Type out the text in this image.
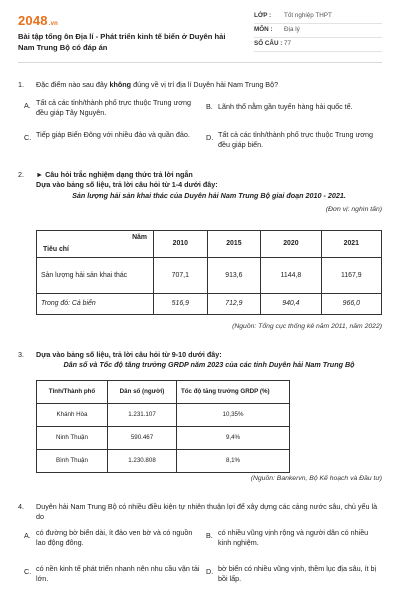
2048.vn
Bài tập tổng ôn Địa lí - Phát triển kinh tế biển ở Duyên hải Nam Trung Bộ có đáp án
LỚP :	Tốt nghiệp THPT
MÔN :	Địa lý
SỐ CÂU : 77
1. Đặc điểm nào sau đây không đúng về vị trí địa lí Duyên hải Nam Trung Bộ?
A. Tất cả các tỉnh/thành phố trực thuộc Trung ương đều giáp Tây Nguyên.
B. Lãnh thổ nằm gần tuyến hàng hải quốc tế.
C. Tiếp giáp Biển Đông với nhiều đảo và quần đảo.	D. Tất cả các tỉnh/thành phố trực thuộc Trung ương đều giáp biển.
2. ► Câu hỏi trắc nghiệm dạng thức trả lời ngắn
Dựa vào bảng số liệu, trả lời câu hỏi từ 1-4 dưới đây:
Sản lượng hải sản khai thác của Duyên hải Nam Trung Bộ giai đoạn 2010 - 2021.
(Đơn vị: nghìn tấn)
Năm
Tiêu chí	2010	2015	2020	2021
Sản lượng hải sản khai thác	707,1	913,6	1144,8	1167,9
Trong đó: Cá biển	516,9	712,9	940,4	966,0
(Nguồn: Tổng cục thống kê năm 2011, năm 2022)
3. Dựa vào bảng số liệu, trả lời câu hỏi từ 9-10 dưới đây:
Dân số và Tốc độ tăng trưởng GRDP năm 2023 của các tỉnh Duyên hải Nam Trung Bộ
Tỉnh/Thành phố	Dân số (người)	Tốc độ tăng trưởng GRDP (%)
Khánh Hòa	1.231.107	10,35%
Ninh Thuận	590.467	9,4%
Bình Thuận	1.230.808	8,1%
(Nguồn: Bankervn, Bộ Kế hoạch và Đầu tư)
4. Duyên hải Nam Trung Bộ có nhiều điều kiện tự nhiên thuận lợi để xây dựng các cảng nước sâu, chủ yếu là do
A. có đường bờ biển dài, ít đảo ven bờ và có nguồn lao động đông.
B. có nhiều vũng vịnh rộng và người dân có nhiều kinh nghiệm.
C. có nền kinh tế phát triển nhanh nên nhu cầu vận tải lớn.
D. bờ biển có nhiều vũng vịnh, thềm lục địa sâu, ít bị bồi lấp.
